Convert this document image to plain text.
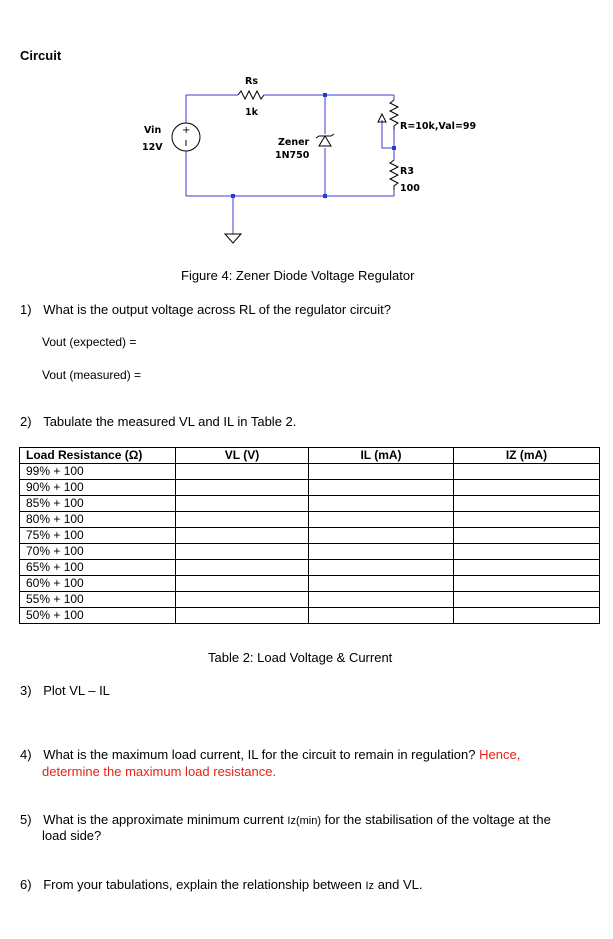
Circuit
+
Rs
1k
Vin
12V	Zener
1N750
R=10k,Val=99
R3
100
Figure 4: Zener Diode Voltage Regulator
1) What is the output voltage across RL of the regulator circuit?
Vout (expected) =
Vout (measured) =
2) Tabulate the measured VL and IL in Table 2.
Load Resistance (Ω)	VL (V)	IL (mA)	IZ (mA)
99% + 100			
90% + 100			
85% + 100			
80% + 100			
75% + 100			
70% + 100			
65% + 100			
60% + 100			
55% + 100			
50% + 100			
Table 2: Load Voltage & Current
3) Plot VL – IL
4) What is the maximum load current, IL for the circuit to remain in regulation? Hence,
determine the maximum load resistance.
5) What is the approximate minimum current Iz(min) for the stabilisation of the voltage at the
load side?
6) From your tabulations, explain the relationship between Iz and VL.
